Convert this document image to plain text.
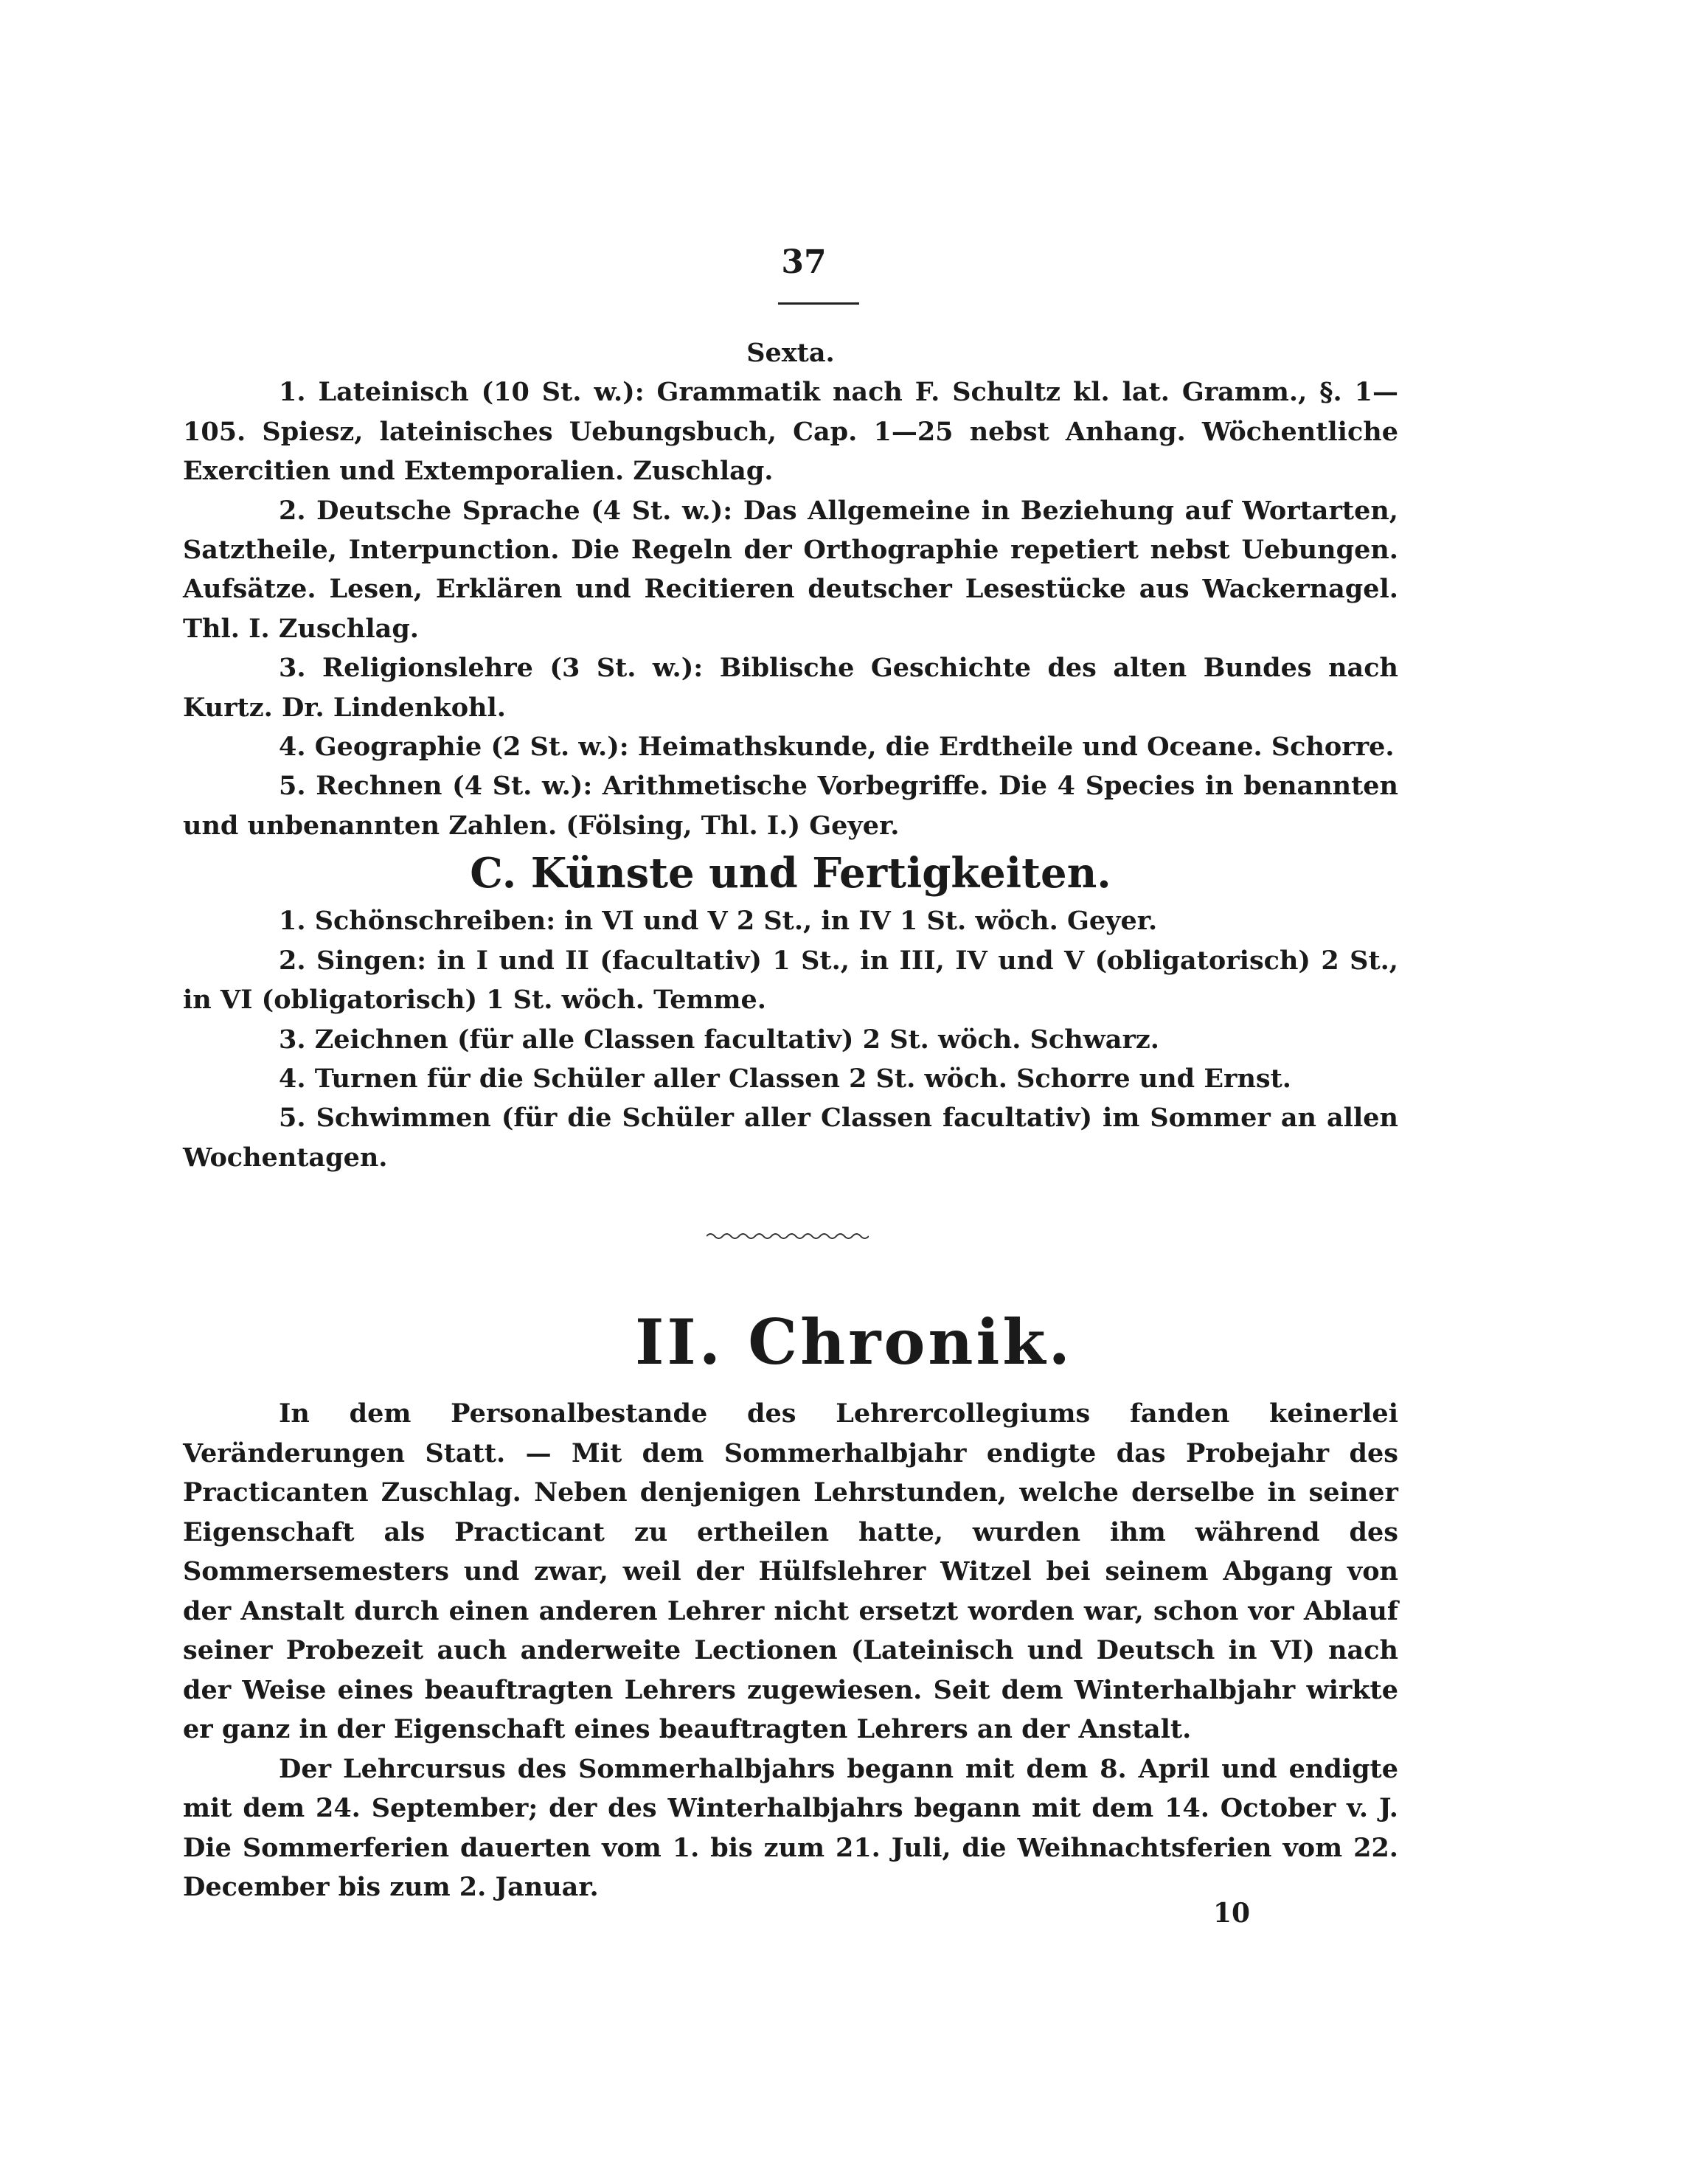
37

Sexta.

1. Lateinisch (10 St. w.): Grammatik nach F. Schultz kl. lat. Gramm., §. 1—105. Spiesz, lateinisches Uebungsbuch, Cap. 1—25 nebst Anhang. Wöchentliche Exercitien und Extemporalien. Zuschlag.

2. Deutsche Sprache (4 St. w.): Das Allgemeine in Beziehung auf Wortarten, Satztheile, Interpunction. Die Regeln der Orthographie repetiert nebst Uebungen. Aufsätze. Lesen, Erklären und Recitieren deutscher Lesestücke aus Wackernagel. Thl. I. Zuschlag.

3. Religionslehre (3 St. w.): Biblische Geschichte des alten Bundes nach Kurtz. Dr. Lindenkohl.

4. Geographie (2 St. w.): Heimathskunde, die Erdtheile und Oceane. Schorre.

5. Rechnen (4 St. w.): Arithmetische Vorbegriffe. Die 4 Species in benannten und unbenannten Zahlen. (Fölsing, Thl. I.) Geyer.

C. Künste und Fertigkeiten.

1. Schönschreiben: in VI und V 2 St., in IV 1 St. wöch. Geyer.

2. Singen: in I und II (facultativ) 1 St., in III, IV und V (obligatorisch) 2 St., in VI (obligatorisch) 1 St. wöch. Temme.

3. Zeichnen (für alle Classen facultativ) 2 St. wöch. Schwarz.

4. Turnen für die Schüler aller Classen 2 St. wöch. Schorre und Ernst.

5. Schwimmen (für die Schüler aller Classen facultativ) im Sommer an allen Wochentagen.

II. Chronik.

In dem Personalbestande des Lehrercollegiums fanden keinerlei Veränderungen Statt. — Mit dem Sommerhalbjahr endigte das Probejahr des Practicanten Zuschlag. Neben denjenigen Lehrstunden, welche derselbe in seiner Eigenschaft als Practicant zu ertheilen hatte, wurden ihm während des Sommersemesters und zwar, weil der Hülfslehrer Witzel bei seinem Abgang von der Anstalt durch einen anderen Lehrer nicht ersetzt worden war, schon vor Ablauf seiner Probezeit auch anderweite Lectionen (Lateinisch und Deutsch in VI) nach der Weise eines beauftragten Lehrers zugewiesen. Seit dem Winterhalbjahr wirkte er ganz in der Eigenschaft eines beauftragten Lehrers an der Anstalt.

Der Lehrcursus des Sommerhalbjahrs begann mit dem 8. April und endigte mit dem 24. September; der des Winterhalbjahrs begann mit dem 14. October v. J. Die Sommerferien dauerten vom 1. bis zum 21. Juli, die Weihnachtsferien vom 22. December bis zum 2. Januar.

10
